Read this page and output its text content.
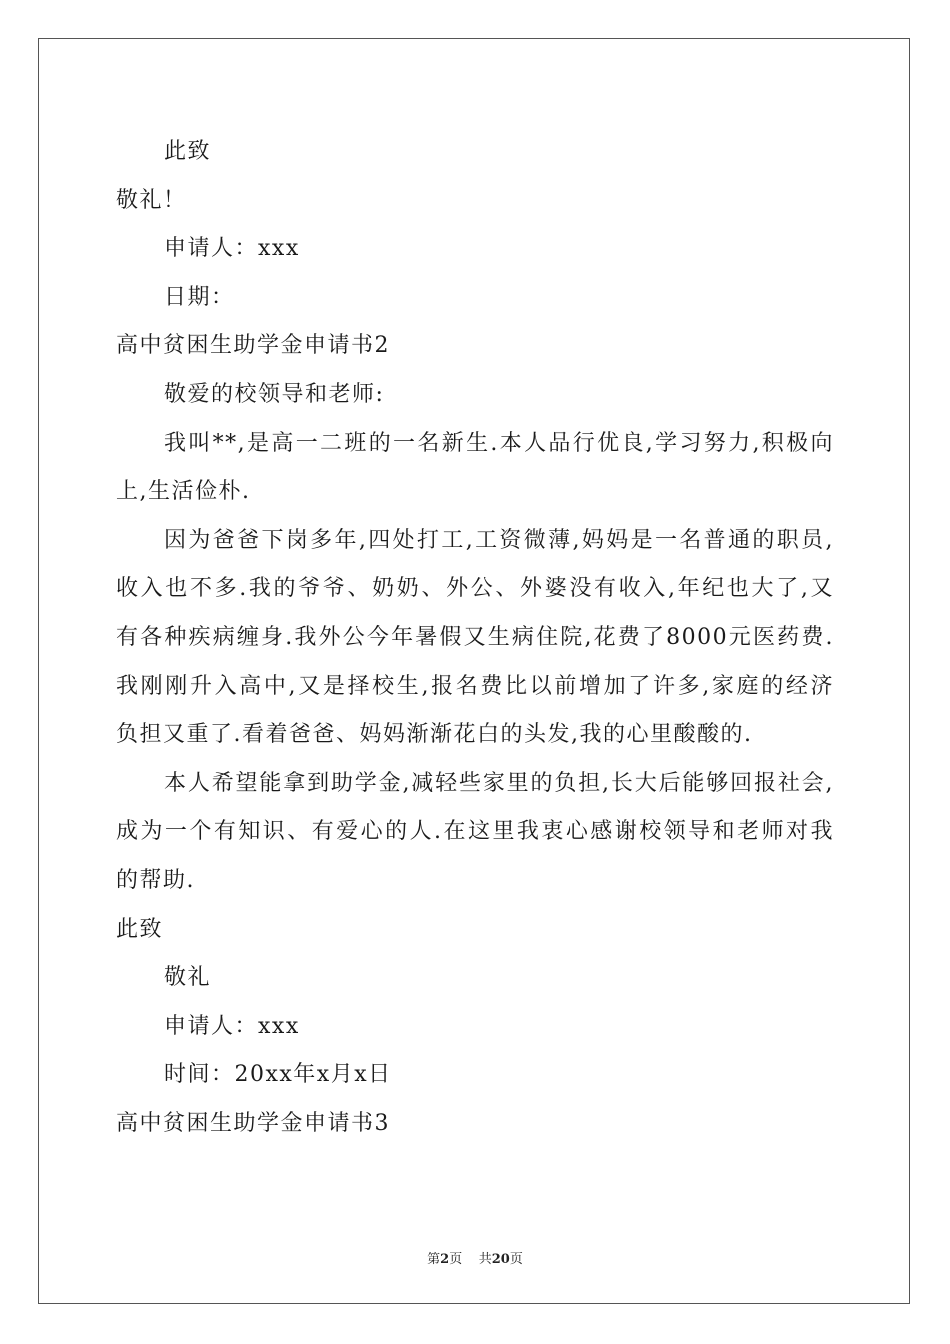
此致
敬礼！
申请人：xxx
日期：
高中贫困生助学金申请书2
敬爱的校领导和老师:
我叫**,是高一二班的一名新生.本人品行优良,学习努力,积极向
上,生活俭朴.
因为爸爸下岗多年,四处打工,工资微薄,妈妈是一名普通的职员,
收入也不多.我的爷爷、奶奶、外公、外婆没有收入,年纪也大了,又
有各种疾病缠身.我外公今年暑假又生病住院,花费了8000元医药费.
我刚刚升入高中,又是择校生,报名费比以前增加了许多,家庭的经济
负担又重了.看着爸爸、妈妈渐渐花白的头发,我的心里酸酸的.
本人希望能拿到助学金,减轻些家里的负担,长大后能够回报社会,
成为一个有知识、有爱心的人.在这里我衷心感谢校领导和老师对我
的帮助.
此致
敬礼
申请人：xxx
时间：20xx年x月x日
高中贫困生助学金申请书3
第2页 共20页
